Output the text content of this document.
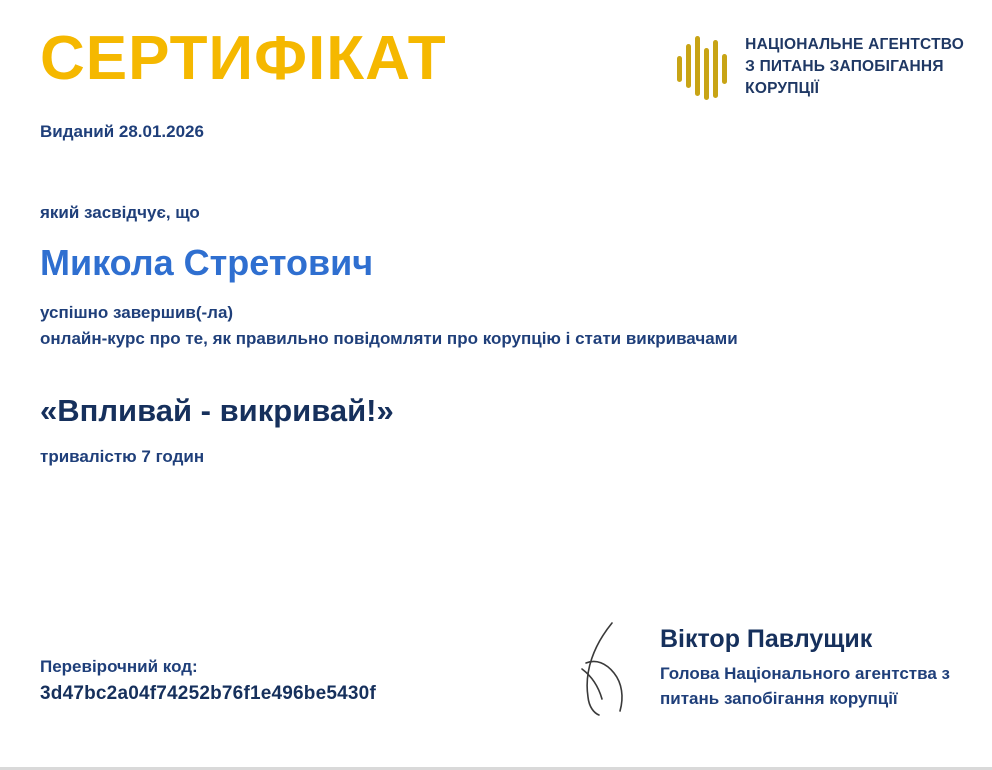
СЕРТИФІКАТ	НАЦІОНАЛЬНЕ АГЕНТСТВО
З ПИТАНЬ ЗАПОБІГАННЯ
КОРУПЦІЇ
Виданий 28.01.2026
який засвідчує, що
Микола Стретович
успішно завершив(-ла)
онлайн-курс про те, як правильно повідомляти про корупцію і стати викривачами
«Впливай - викривай!»
тривалістю 7 годин
Перевірочний код:
3d47bc2a04f74252b76f1e496be5430f
Віктор Павлущик
Голова Національного агентства з
питань запобігання корупції
